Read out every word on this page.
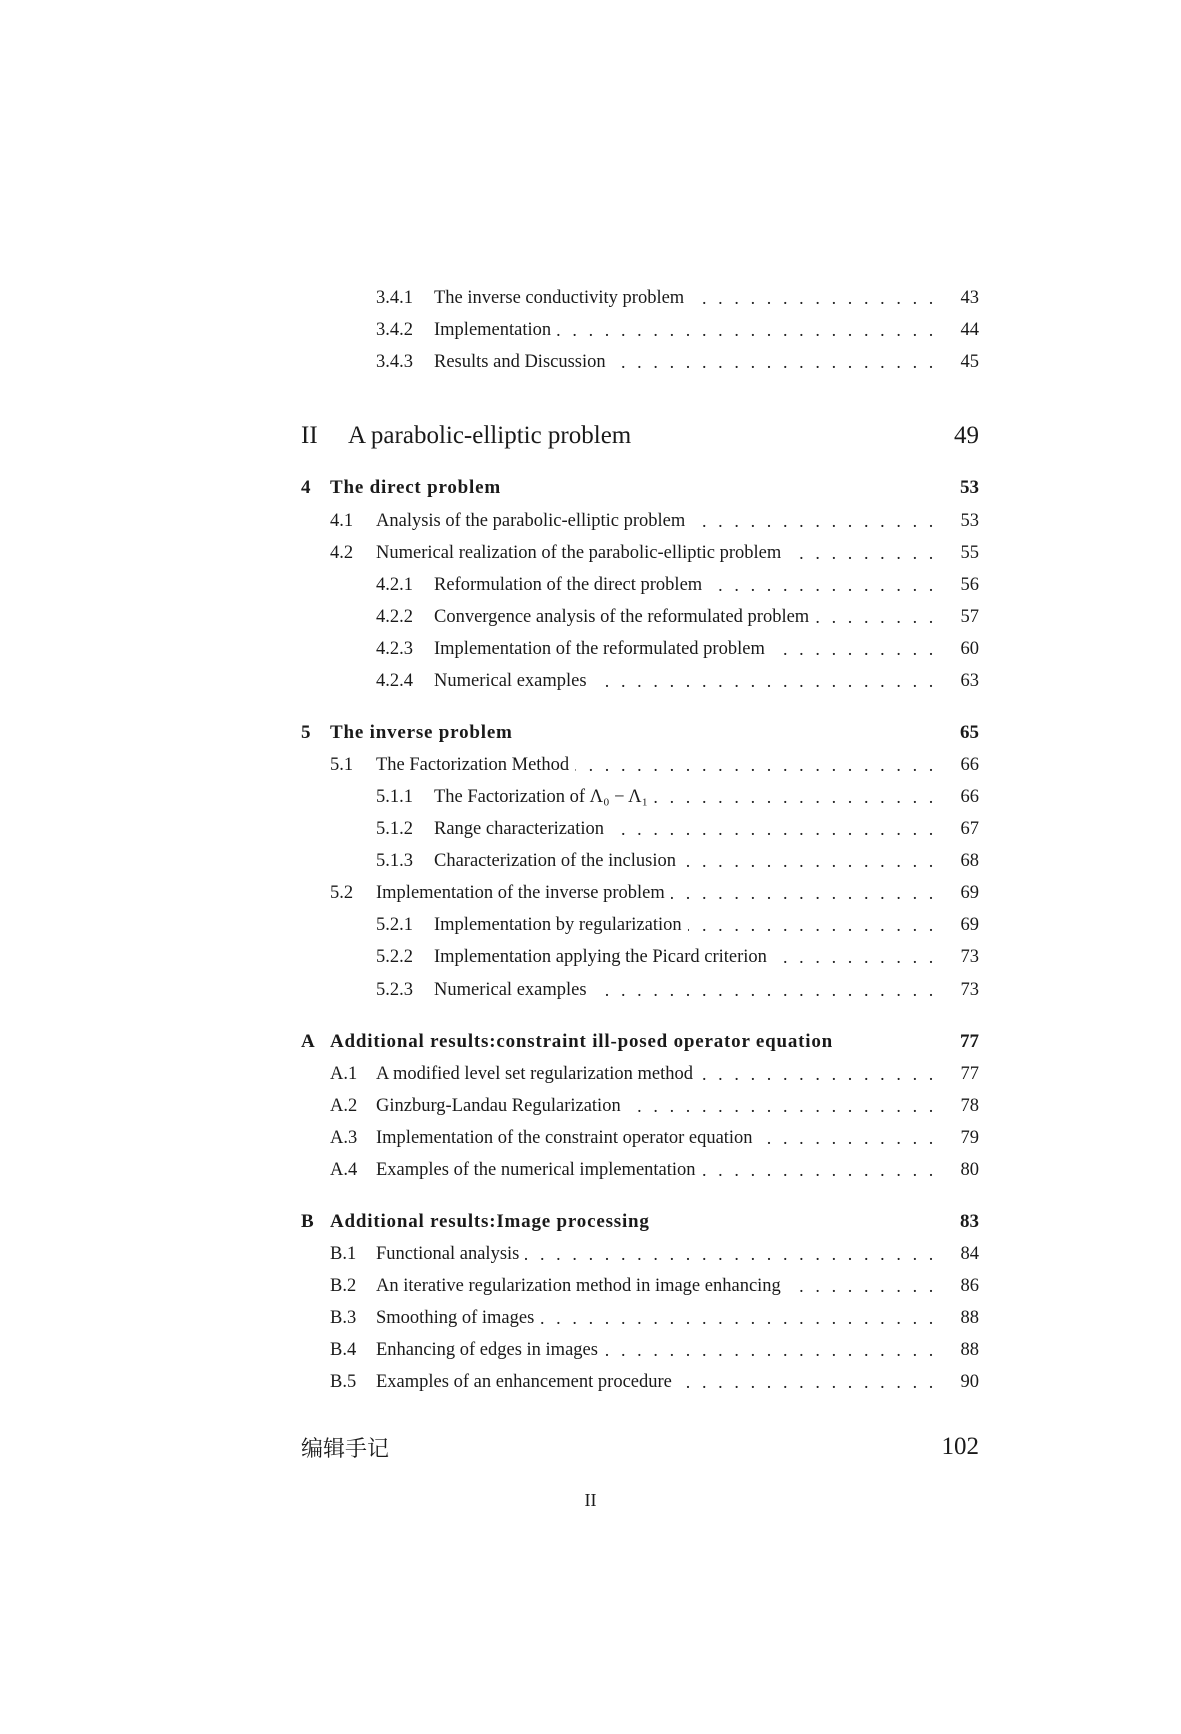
3.4.1	The inverse conductivity problem . . .	43
3.4.2	Implementation . . .	44
3.4.3	Results and Discussion . . .	45
II	A parabolic-elliptic problem	49
4 The direct problem	53
4.1	Analysis of the parabolic-elliptic problem . . .	53
4.2	Numerical realization of the parabolic-elliptic problem . . .	55
4.2.1	Reformulation of the direct problem . . .	56
4.2.2	Convergence analysis of the reformulated problem . . .	57
4.2.3	Implementation of the reformulated problem . . .	60
4.2.4	Numerical examples . . .	63
5 The inverse problem	65
5.1	The Factorization Method . . .	66
5.1.1	The Factorization of Λ₀ − Λ₁ . . .	66
5.1.2	Range characterization . . .	67
5.1.3	Characterization of the inclusion . . .	68
5.2	Implementation of the inverse problem . . .	69
5.2.1	Implementation by regularization . . .	69
5.2.2	Implementation applying the Picard criterion . . .	73
5.2.3	Numerical examples . . .	73
A Additional results:constraint ill-posed operator equation	77
A.1	A modified level set regularization method . . .	77
A.2	Ginzburg-Landau Regularization . . .	78
A.3	Implementation of the constraint operator equation . . .	79
A.4	Examples of the numerical implementation . . .	80
B Additional results:Image processing	83
B.1	Functional analysis . . .	84
B.2	An iterative regularization method in image enhancing . . .	86
B.3	Smoothing of images . . .	88
B.4	Enhancing of edges in images . . .	88
B.5	Examples of an enhancement procedure . . .	90
编辑手记	102
II
